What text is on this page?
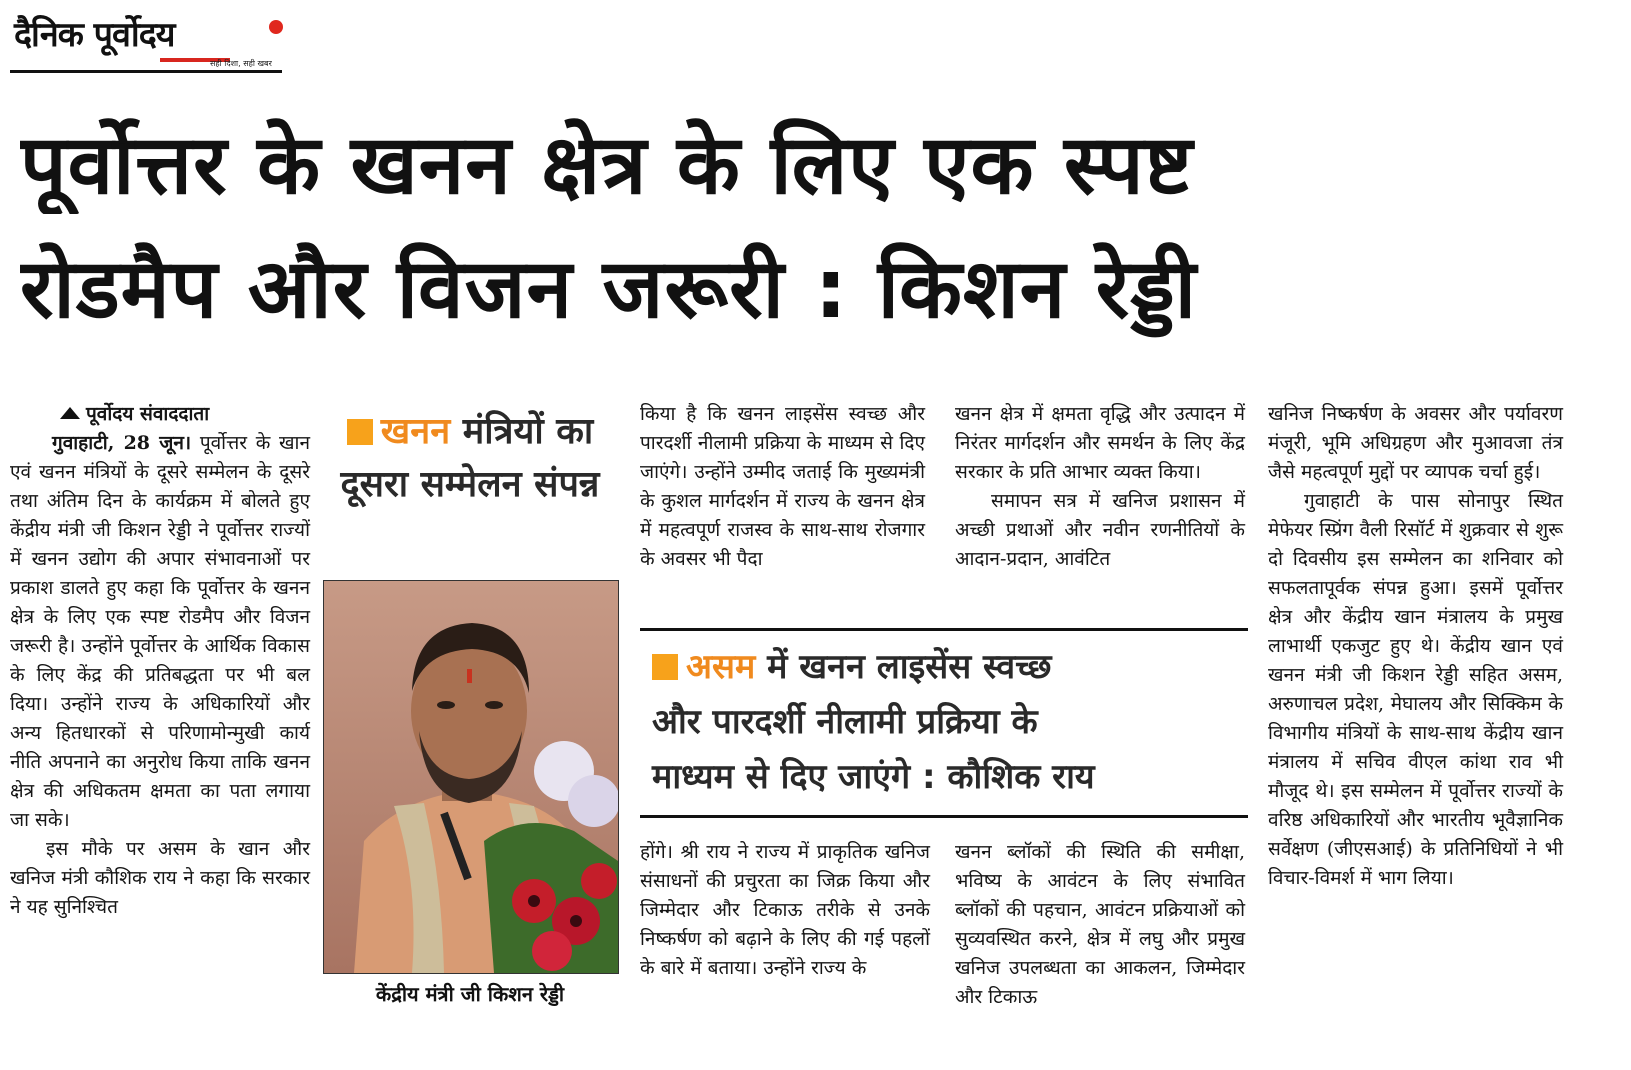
दैनिक पूर्वोदय
सही दिशा, सही खबर
पूर्वोत्तर के खनन क्षेत्र के लिए एक स्पष्ट
रोडमैप और विजन जरूरी : किशन रेड्डी
पूर्वोदय संवाददाता

गुवाहाटी, 28 जून। पूर्वोत्तर के खान एवं खनन मंत्रियों के दूसरे सम्मेलन के दूसरे तथा अंतिम दिन के कार्यक्रम में बोलते हुए केंद्रीय मंत्री जी किशन रेड्डी ने पूर्वोत्तर राज्यों में खनन उद्योग की अपार संभावनाओं पर प्रकाश डालते हुए कहा कि पूर्वोत्तर के खनन क्षेत्र के लिए एक स्पष्ट रोडमैप और विजन जरूरी है। उन्होंने पूर्वोत्तर के आर्थिक विकास के लिए केंद्र की प्रतिबद्धता पर भी बल दिया। उन्होंने राज्य के अधिकारियों और अन्य हितधारकों से परिणामोन्मुखी कार्य नीति अपनाने का अनुरोध किया ताकि खनन क्षेत्र की अधिकतम क्षमता का पता लगाया जा सके।

इस मौके पर असम के खान और खनिज मंत्री कौशिक राय ने कहा कि सरकार ने यह सुनिश्चित

खनन मंत्रियों का दूसरा सम्मेलन संपन्न
केंद्रीय मंत्री जी किशन रेड्डी

किया है कि खनन लाइसेंस स्वच्छ और पारदर्शी नीलामी प्रक्रिया के माध्यम से दिए जाएंगे। उन्होंने उम्मीद जताई कि मुख्यमंत्री के कुशल मार्गदर्शन में राज्य के खनन क्षेत्र में महत्वपूर्ण राजस्व के साथ-साथ रोजगार के अवसर भी पैदा

खनन क्षेत्र में क्षमता वृद्धि और उत्पादन में निरंतर मार्गदर्शन और समर्थन के लिए केंद्र सरकार के प्रति आभार व्यक्त किया।

समापन सत्र में खनिज प्रशासन में अच्छी प्रथाओं और नवीन रणनीतियों के आदान-प्रदान, आवंटित

खनिज निष्कर्षण के अवसर और पर्यावरण मंजूरी, भूमि अधिग्रहण और मुआवजा तंत्र जैसे महत्वपूर्ण मुद्दों पर व्यापक चर्चा हुई।

गुवाहाटी के पास सोनापुर स्थित मेफेयर स्प्रिंग वैली रिसॉर्ट में शुक्रवार से शुरू दो दिवसीय इस सम्मेलन का शनिवार को सफलतापूर्वक संपन्न हुआ। इसमें पूर्वोत्तर क्षेत्र और केंद्रीय खान मंत्रालय के प्रमुख लाभार्थी एकजुट हुए थे। केंद्रीय खान एवं खनन मंत्री जी किशन रेड्डी सहित असम, अरुणाचल प्रदेश, मेघालय और सिक्किम के विभागीय मंत्रियों के साथ-साथ केंद्रीय खान मंत्रालय में सचिव वीएल कांथा राव भी मौजूद थे। इस सम्मेलन में पूर्वोत्तर राज्यों के वरिष्ठ अधिकारियों और भारतीय भूवैज्ञानिक सर्वेक्षण (जीएसआई) के प्रतिनिधियों ने भी विचार-विमर्श में भाग लिया।

असम में खनन लाइसेंस स्वच्छ
और पारदर्शी नीलामी प्रक्रिया के
माध्यम से दिए जाएंगे : कौशिक राय

होंगे। श्री राय ने राज्य में प्राकृतिक खनिज संसाधनों की प्रचुरता का जिक्र किया और जिम्मेदार और टिकाऊ तरीके से उनके निष्कर्षण को बढ़ाने के लिए की गई पहलों के बारे में बताया। उन्होंने राज्य के

खनन ब्लॉकों की स्थिति की समीक्षा, भविष्य के आवंटन के लिए संभावित ब्लॉकों की पहचान, आवंटन प्रक्रियाओं को सुव्यवस्थित करने, क्षेत्र में लघु और प्रमुख खनिज उपलब्धता का आकलन, जिम्मेदार और टिकाऊ
